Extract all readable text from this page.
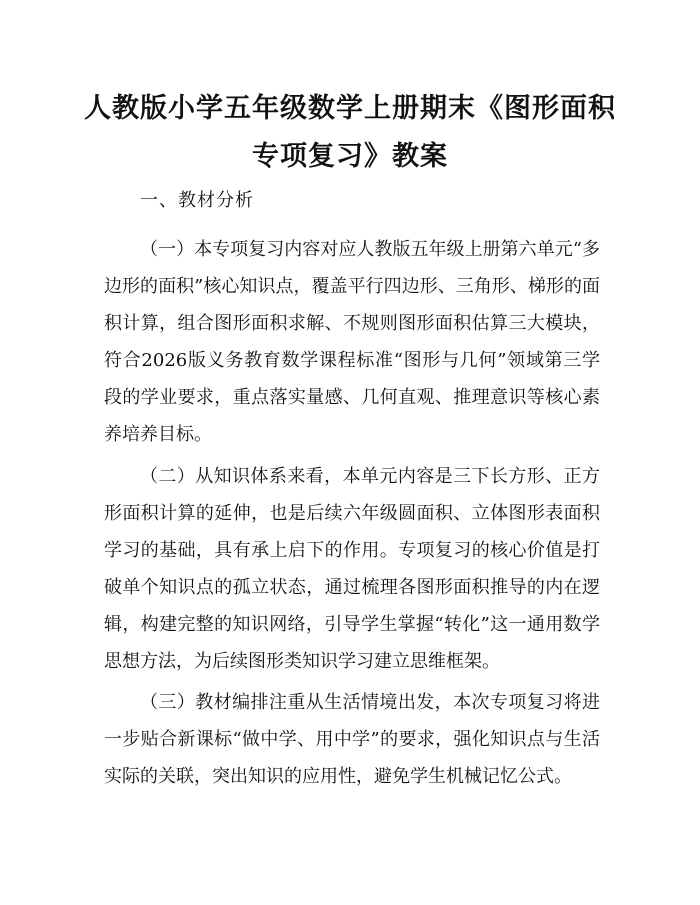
人教版小学五年级数学上册期末《图形面积
专项复习》教案

一、教材分析

（一）本专项复习内容对应人教版五年级上册第六单元“多边形的面积”核心知识点，覆盖平行四边形、三角形、梯形的面积计算，组合图形面积求解、不规则图形面积估算三大模块，符合2026版义务教育数学课程标准“图形与几何”领域第三学段的学业要求，重点落实量感、几何直观、推理意识等核心素养培养目标。

（二）从知识体系来看，本单元内容是三下长方形、正方形面积计算的延伸，也是后续六年级圆面积、立体图形表面积学习的基础，具有承上启下的作用。专项复习的核心价值是打破单个知识点的孤立状态，通过梳理各图形面积推导的内在逻辑，构建完整的知识网络，引导学生掌握“转化”这一通用数学思想方法，为后续图形类知识学习建立思维框架。

（三）教材编排注重从生活情境出发，本次专项复习将进一步贴合新课标“做中学、用中学”的要求，强化知识点与生活实际的关联，突出知识的应用性，避免学生机械记忆公式。
